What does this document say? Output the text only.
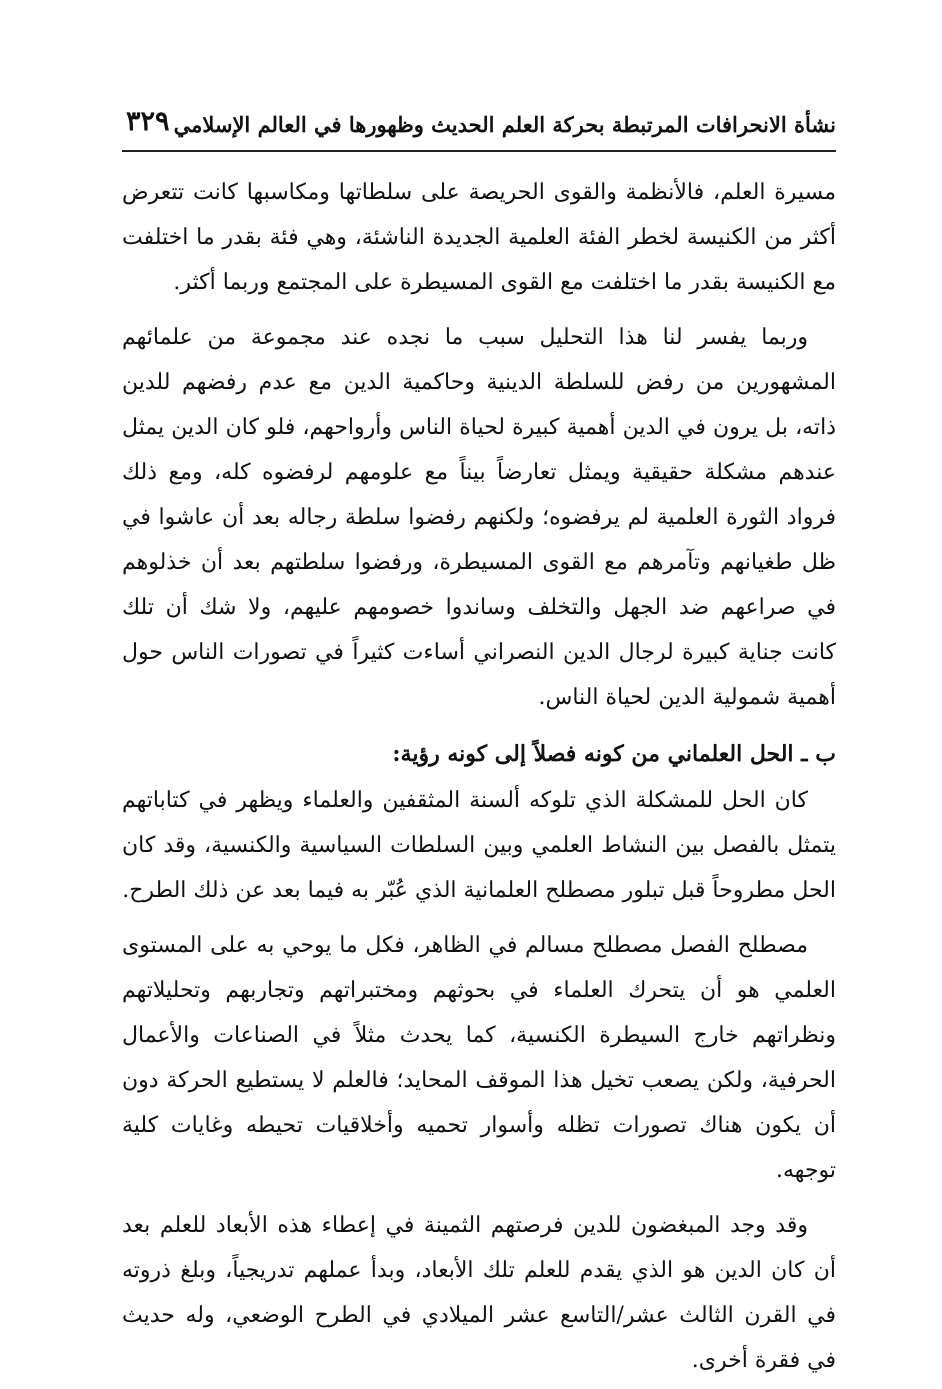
نشأة الانحرافات المرتبطة بحركة العلم الحديث وظهورها في العالم الإسلامي
٣٢٩

مسيرة العلم، فالأنظمة والقوى الحريصة على سلطاتها ومكاسبها كانت تتعرض أكثر من الكنيسة لخطر الفئة العلمية الجديدة الناشئة، وهي فئة بقدر ما اختلفت مع الكنيسة بقدر ما اختلفت مع القوى المسيطرة على المجتمع وربما أكثر.

وربما يفسر لنا هذا التحليل سبب ما نجده عند مجموعة من علمائهم المشهورين من رفض للسلطة الدينية وحاكمية الدين مع عدم رفضهم للدين ذاته، بل يرون في الدين أهمية كبيرة لحياة الناس وأرواحهم، فلو كان الدين يمثل عندهم مشكلة حقيقية ويمثل تعارضاً بيناً مع علومهم لرفضوه كله، ومع ذلك فرواد الثورة العلمية لم يرفضوه؛ ولكنهم رفضوا سلطة رجاله بعد أن عاشوا في ظل طغيانهم وتآمرهم مع القوى المسيطرة، ورفضوا سلطتهم بعد أن خذلوهم في صراعهم ضد الجهل والتخلف وساندوا خصومهم عليهم، ولا شك أن تلك كانت جناية كبيرة لرجال الدين النصراني أساءت كثيراً في تصورات الناس حول أهمية شمولية الدين لحياة الناس.

ب ـ الحل العلماني من كونه فصلاً إلى كونه رؤية:

كان الحل للمشكلة الذي تلوكه ألسنة المثقفين والعلماء ويظهر في كتاباتهم يتمثل بالفصل بين النشاط العلمي وبين السلطات السياسية والكنسية، وقد كان الحل مطروحاً قبل تبلور مصطلح العلمانية الذي عُبّر به فيما بعد عن ذلك الطرح.

مصطلح الفصل مصطلح مسالم في الظاهر، فكل ما يوحي به على المستوى العلمي هو أن يتحرك العلماء في بحوثهم ومختبراتهم وتجاربهم وتحليلاتهم ونظراتهم خارج السيطرة الكنسية، كما يحدث مثلاً في الصناعات والأعمال الحرفية، ولكن يصعب تخيل هذا الموقف المحايد؛ فالعلم لا يستطيع الحركة دون أن يكون هناك تصورات تظله وأسوار تحميه وأخلاقيات تحيطه وغايات كلية توجهه.

وقد وجد المبغضون للدين فرصتهم الثمينة في إعطاء هذه الأبعاد للعلم بعد أن كان الدين هو الذي يقدم للعلم تلك الأبعاد، وبدأ عملهم تدريجياً، وبلغ ذروته في القرن الثالث عشر/التاسع عشر الميلادي في الطرح الوضعي، وله حديث في فقرة أخرى.
